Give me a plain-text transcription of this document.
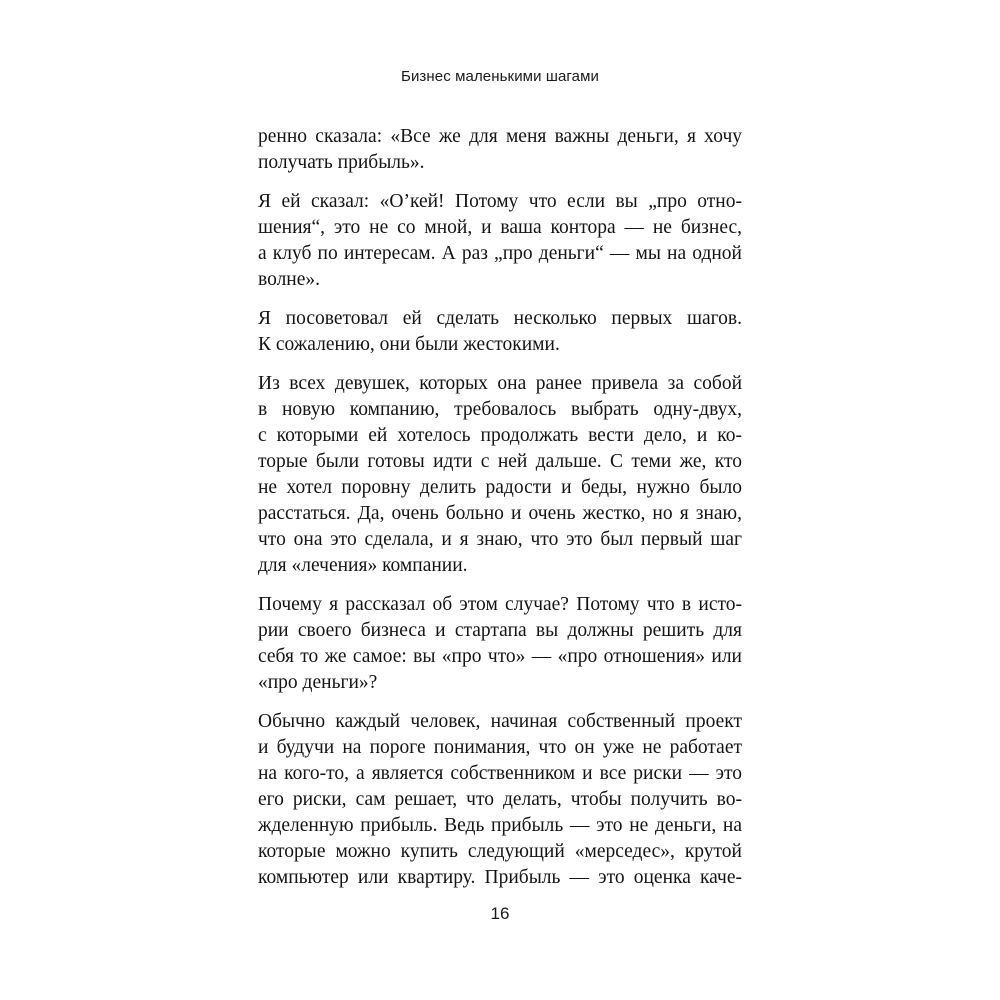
Бизнес маленькими шагами
ренно сказала: «Все же для меня важны деньги, я хочу
получать прибыль».
Я ей сказал: «О’кей! Потому что если вы „про отно-
шения“, это не со мной, и ваша контора — не бизнес,
а клуб по интересам. А раз „про деньги“ — мы на одной
волне».
Я посоветовал ей сделать несколько первых шагов.
К сожалению, они были жестокими.
Из всех девушек, которых она ранее привела за собой
в новую компанию, требовалось выбрать одну-двух,
с которыми ей хотелось продолжать вести дело, и ко-
торые были готовы идти с ней дальше. С теми же, кто
не хотел поровну делить радости и беды, нужно было
расстаться. Да, очень больно и очень жестко, но я знаю,
что она это сделала, и я знаю, что это был первый шаг
для «лечения» компании.
Почему я рассказал об этом случае? Потому что в исто-
рии своего бизнеса и стартапа вы должны решить для
себя то же самое: вы «про что» — «про отношения» или
«про деньги»?
Обычно каждый человек, начиная собственный проект
и будучи на пороге понимания, что он уже не работает
на кого-то, а является собственником и все риски — это
его риски, сам решает, что делать, чтобы получить во-
жделенную прибыль. Ведь прибыль — это не деньги, на
которые можно купить следующий «мерседес», крутой
компьютер или квартиру. Прибыль — это оценка каче-
16
